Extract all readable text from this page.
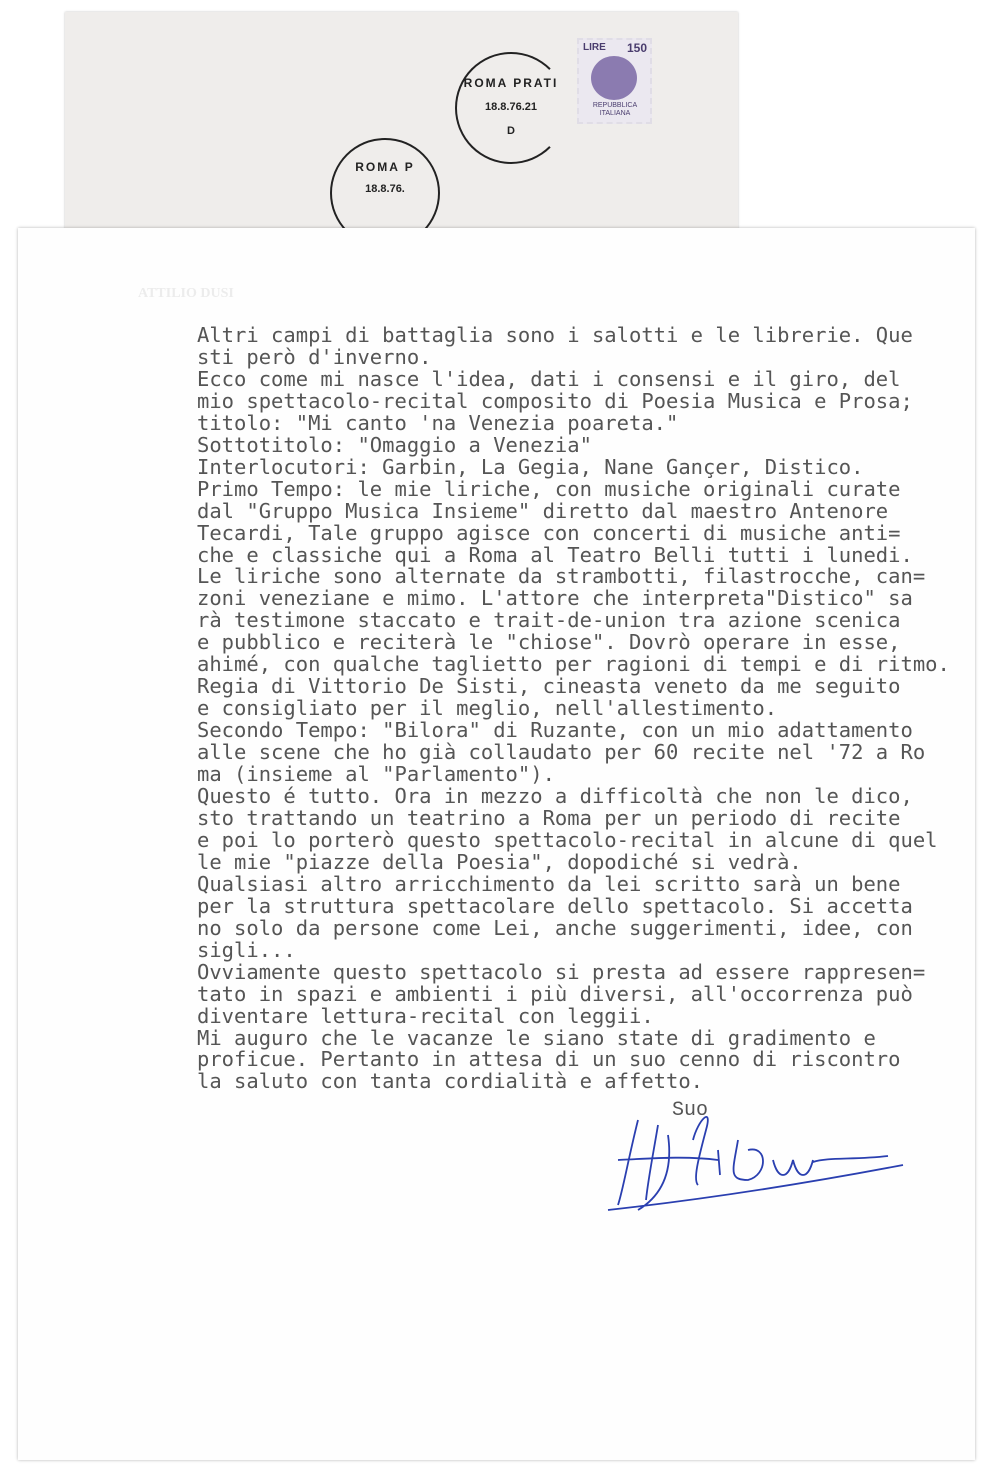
LIRE 150
REPUBBLICA ITALIANA
ROMA PRATI
18.8.76.21
D
ROMA P
18.8.76.
ATTILIO DUSI
Altri campi di battaglia sono i salotti e le librerie. Que
sti però d'inverno.
Ecco come mi nasce l'idea, dati i consensi e il giro, del
mio spettacolo-recital composito di Poesia Musica e Prosa;
titolo: "Mi canto 'na Venezia poareta."
Sottotitolo: "Omaggio a Venezia"
Interlocutori: Garbin, La Gegia, Nane Gançer, Distico.
Primo Tempo: le mie liriche, con musiche originali curate
dal "Gruppo Musica Insieme" diretto dal maestro Antenore
Tecardi, Tale gruppo agisce con concerti di musiche anti=
che e classiche qui a Roma al Teatro Belli tutti i lunedi.
Le liriche sono alternate da strambotti, filastrocche, can=
zoni veneziane e mimo. L'attore che interpreta"Distico" sa
rà testimone staccato e trait-de-union tra azione scenica
e pubblico e reciterà le "chiose". Dovrò operare in esse,
ahimé, con qualche taglietto per ragioni di tempi e di ritmo.
Regia di Vittorio De Sisti, cineasta veneto da me seguito
e consigliato per il meglio, nell'allestimento.
Secondo Tempo: "Bilora" di Ruzante, con un mio adattamento
alle scene che ho già collaudato per 60 recite nel '72 a Ro
ma (insieme al "Parlamento").
Questo é tutto. Ora in mezzo a difficoltà che non le dico,
sto trattando un teatrino a Roma per un periodo di recite
e poi lo porterò questo spettacolo-recital in alcune di quel
le mie "piazze della Poesia", dopodiché si vedrà.
Qualsiasi altro arricchimento da lei scritto sarà un bene
per la struttura spettacolare dello spettacolo. Si accetta
no solo da persone come Lei, anche suggerimenti, idee, con
sigli...
Ovviamente questo spettacolo si presta ad essere rappresen=
tato in spazi e ambienti i più diversi, all'occorrenza può
diventare lettura-recital con leggii.
Mi auguro che le vacanze le siano state di gradimento e
proficue. Pertanto in attesa di un suo cenno di riscontro
la saluto con tanta cordialità e affetto.

Suo
